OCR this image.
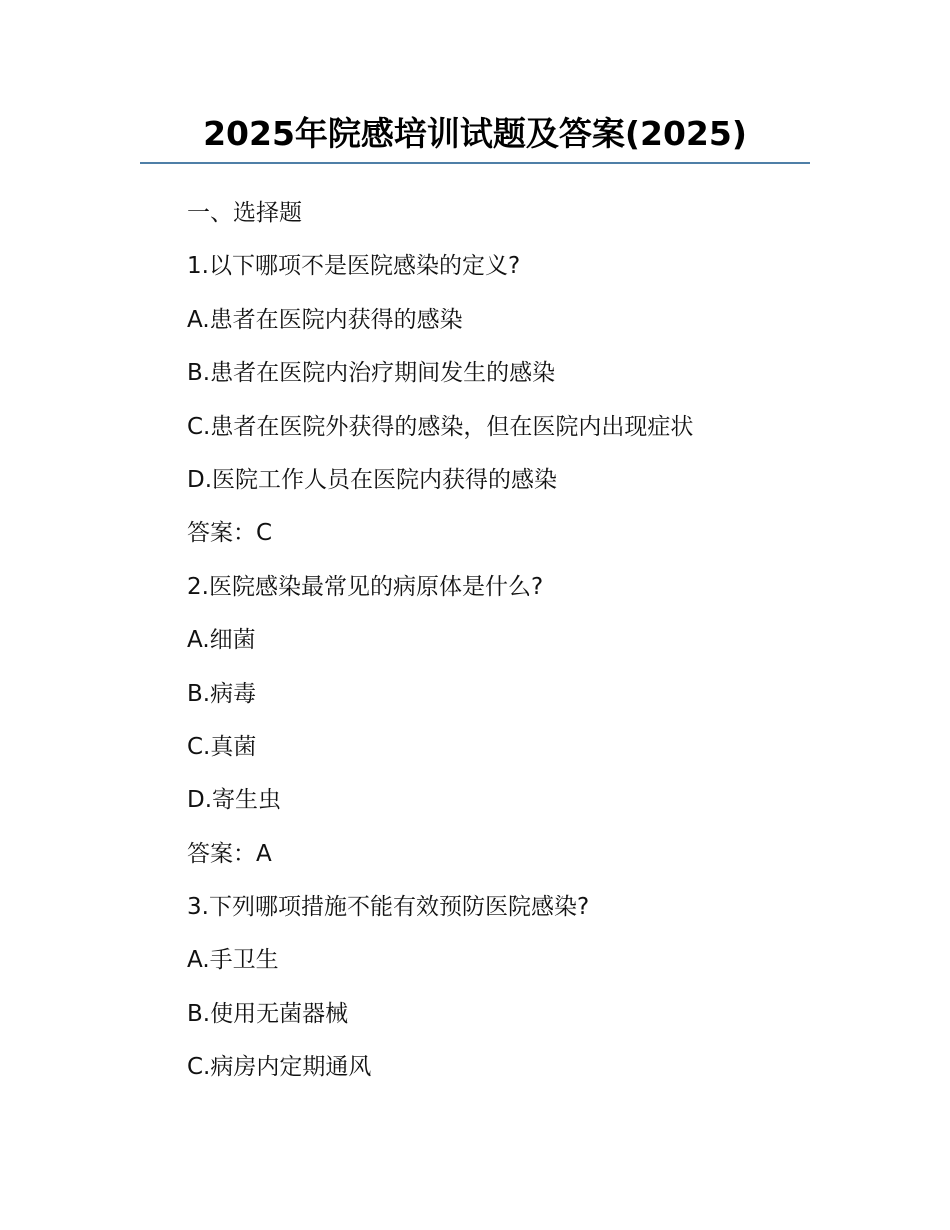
2025年院感培训试题及答案(2025)
一、选择题
1.以下哪项不是医院感染的定义?
A.患者在医院内获得的感染
B.患者在医院内治疗期间发生的感染
C.患者在医院外获得的感染，但在医院内出现症状
D.医院工作人员在医院内获得的感染
答案：C
2.医院感染最常见的病原体是什么?
A.细菌
B.病毒
C.真菌
D.寄生虫
答案：A
3.下列哪项措施不能有效预防医院感染?
A.手卫生
B.使用无菌器械
C.病房内定期通风
